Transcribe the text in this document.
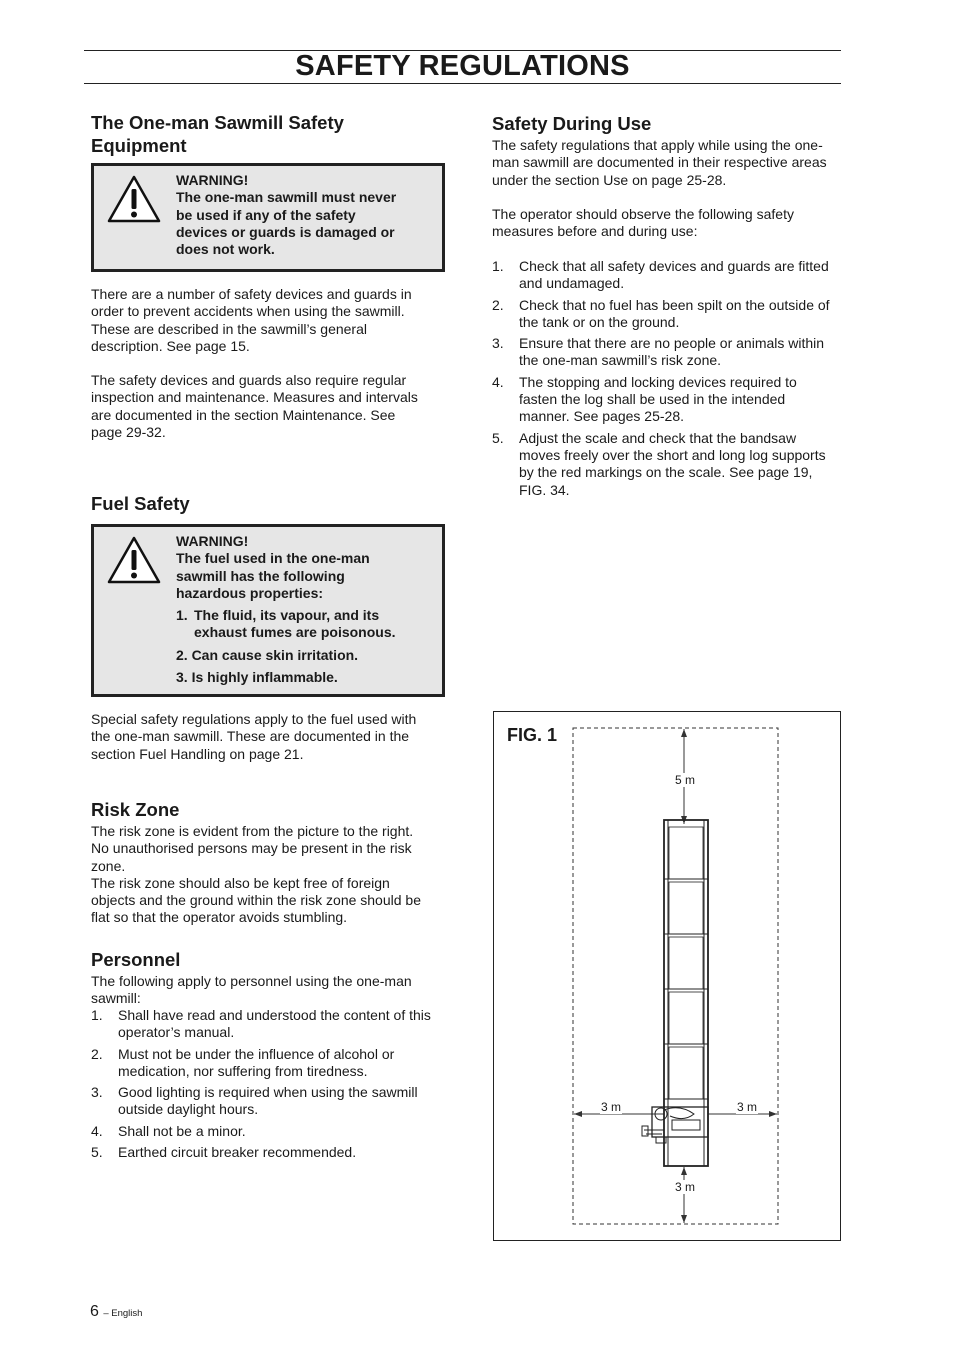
SAFETY REGULATIONS
The One-man Sawmill Safety
Equipment
WARNING!
The one-man sawmill must never
be used if any of the safety
devices or guards is damaged or
does not work.
There are a number of safety devices and guards in
order to prevent accidents when using the sawmill.
These are described in the sawmill’s general
description. See page 15.
The safety devices and guards also require regular
inspection and maintenance. Measures and intervals
are documented in the section Maintenance. See
page 29-32.
Fuel Safety
WARNING!
The fuel used in the one-man
sawmill has the following
hazardous properties:
1. The fluid, its vapour, and its
exhaust fumes are poisonous.
2. Can cause skin irritation.
3. Is highly inflammable.
Special safety regulations apply to the fuel used with
the one-man sawmill. These are documented in the
section Fuel Handling on page 21.
Risk Zone
The risk zone is evident from the picture to the right.
No unauthorised persons may be present in the risk
zone.
The risk zone should also be kept free of foreign
objects and the ground within the risk zone should be
flat so that the operator avoids stumbling.
Personnel
The following apply to personnel using the one-man
sawmill:
1. Shall have read and understood the content of this
operator’s manual.
2. Must not be under the influence of alcohol or
medication, nor suffering from tiredness.
3. Good lighting is required when using the sawmill
outside daylight hours.
4. Shall not be a minor.
5. Earthed circuit breaker recommended.
Safety During Use
The safety regulations that apply while using the one-
man sawmill are documented in their respective areas
under the section Use on page 25-28.
The operator should observe the following safety
measures before and during use:
1. Check that all safety devices and guards are fitted
and undamaged.
2. Check that no fuel has been spilt on the outside of
the tank or on the ground.
3. Ensure that there are no people or animals within
the one-man sawmill’s risk zone.
4. The stopping and locking devices required to
fasten the log shall be used in the intended
manner. See pages 25-28.
5. Adjust the scale and check that the bandsaw
moves freely over the short and long log supports
by the red markings on the scale. See page 19,
FIG. 34.
FIG. 1
5 m
3 m	3 m
3 m
6 – English
